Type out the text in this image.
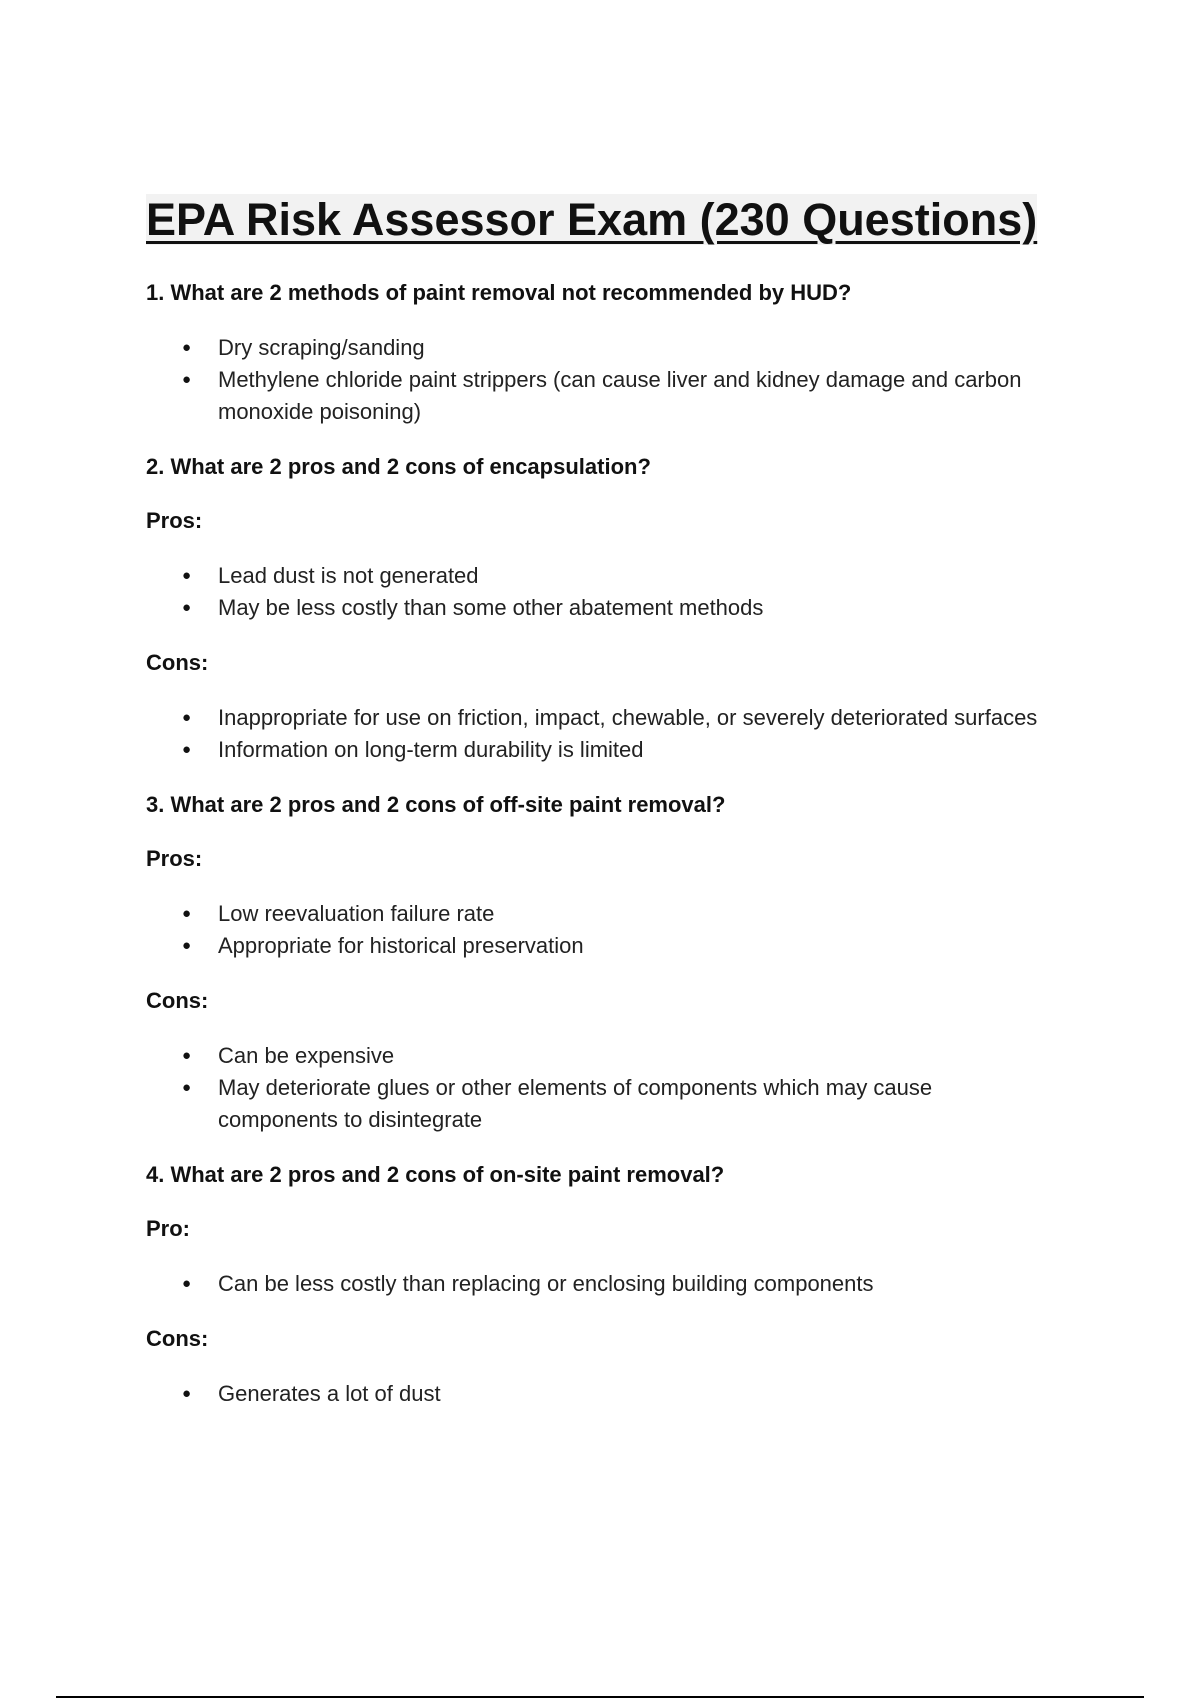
EPA Risk Assessor Exam (230 Questions)

1. What are 2 methods of paint removal not recommended by HUD?

● Dry scraping/sanding
● Methylene chloride paint strippers (can cause liver and kidney damage and carbon monoxide poisoning)

2. What are 2 pros and 2 cons of encapsulation?

Pros:

● Lead dust is not generated
● May be less costly than some other abatement methods

Cons:

● Inappropriate for use on friction, impact, chewable, or severely deteriorated surfaces
● Information on long-term durability is limited

3. What are 2 pros and 2 cons of off-site paint removal?

Pros:

● Low reevaluation failure rate
● Appropriate for historical preservation

Cons:

● Can be expensive
● May deteriorate glues or other elements of components which may cause components to disintegrate

4. What are 2 pros and 2 cons of on-site paint removal?

Pro:

● Can be less costly than replacing or enclosing building components

Cons:

● Generates a lot of dust
